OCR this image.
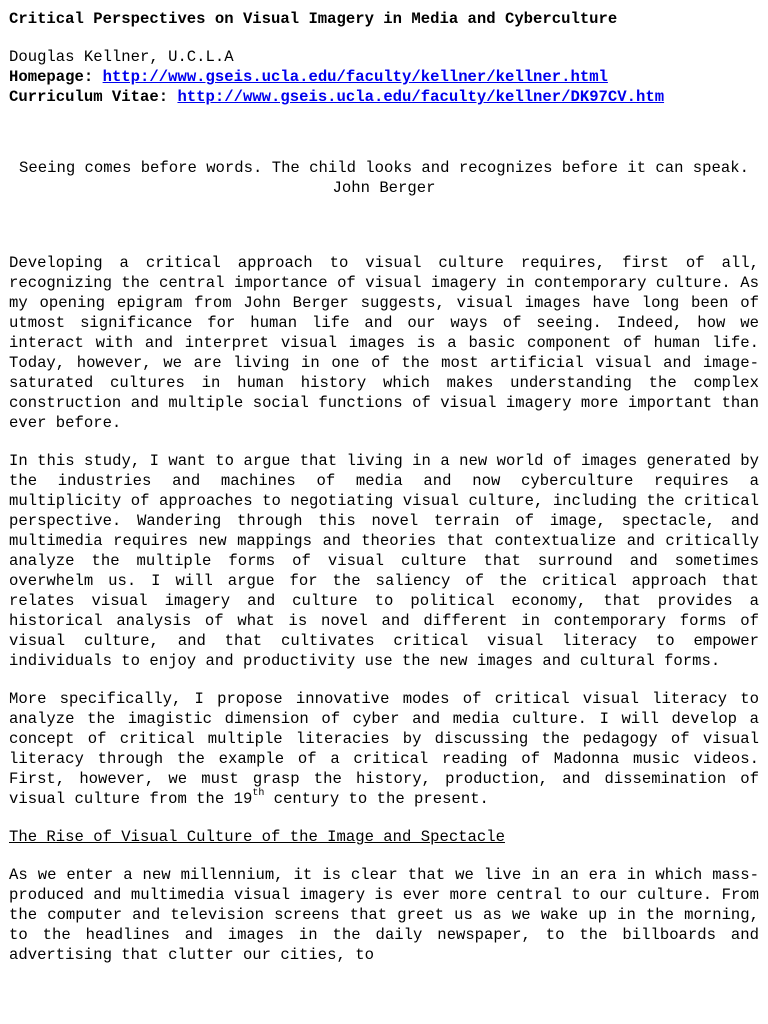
Critical Perspectives on Visual Imagery in Media and Cyberculture

Douglas Kellner, U.C.L.A

Homepage: http://www.gseis.ucla.edu/faculty/kellner/kellner.html

Curriculum Vitae: http://www.gseis.ucla.edu/faculty/kellner/DK97CV.htm

Seeing comes before words. The child looks and recognizes before it can speak. John Berger

Developing a critical approach to visual culture requires, first of all, recognizing the central importance of visual imagery in contemporary culture. As my opening epigram from John Berger suggests, visual images have long been of utmost significance for human life and our ways of seeing. Indeed, how we interact with and interpret visual images is a basic component of human life. Today, however, we are living in one of the most artificial visual and image-saturated cultures in human history which makes understanding the complex construction and multiple social functions of visual imagery more important than ever before.

In this study, I want to argue that living in a new world of images generated by the industries and machines of media and now cyberculture requires a multiplicity of approaches to negotiating visual culture, including the critical perspective. Wandering through this novel terrain of image, spectacle, and multimedia requires new mappings and theories that contextualize and critically analyze the multiple forms of visual culture that surround and sometimes overwhelm us. I will argue for the saliency of the critical approach that relates visual imagery and culture to political economy, that provides a historical analysis of what is novel and different in contemporary forms of visual culture, and that cultivates critical visual literacy to empower individuals to enjoy and productivity use the new images and cultural forms.

More specifically, I propose innovative modes of critical visual literacy to analyze the imagistic dimension of cyber and media culture. I will develop a concept of critical multiple literacies by discussing the pedagogy of visual literacy through the example of a critical reading of Madonna music videos. First, however, we must grasp the history, production, and dissemination of visual culture from the 19th century to the present.

The Rise of Visual Culture of the Image and Spectacle

As we enter a new millennium, it is clear that we live in an era in which mass-produced and multimedia visual imagery is ever more central to our culture. From the computer and television screens that greet us as we wake up in the morning, to the headlines and images in the daily newspaper, to the billboards and advertising that clutter our cities, to
